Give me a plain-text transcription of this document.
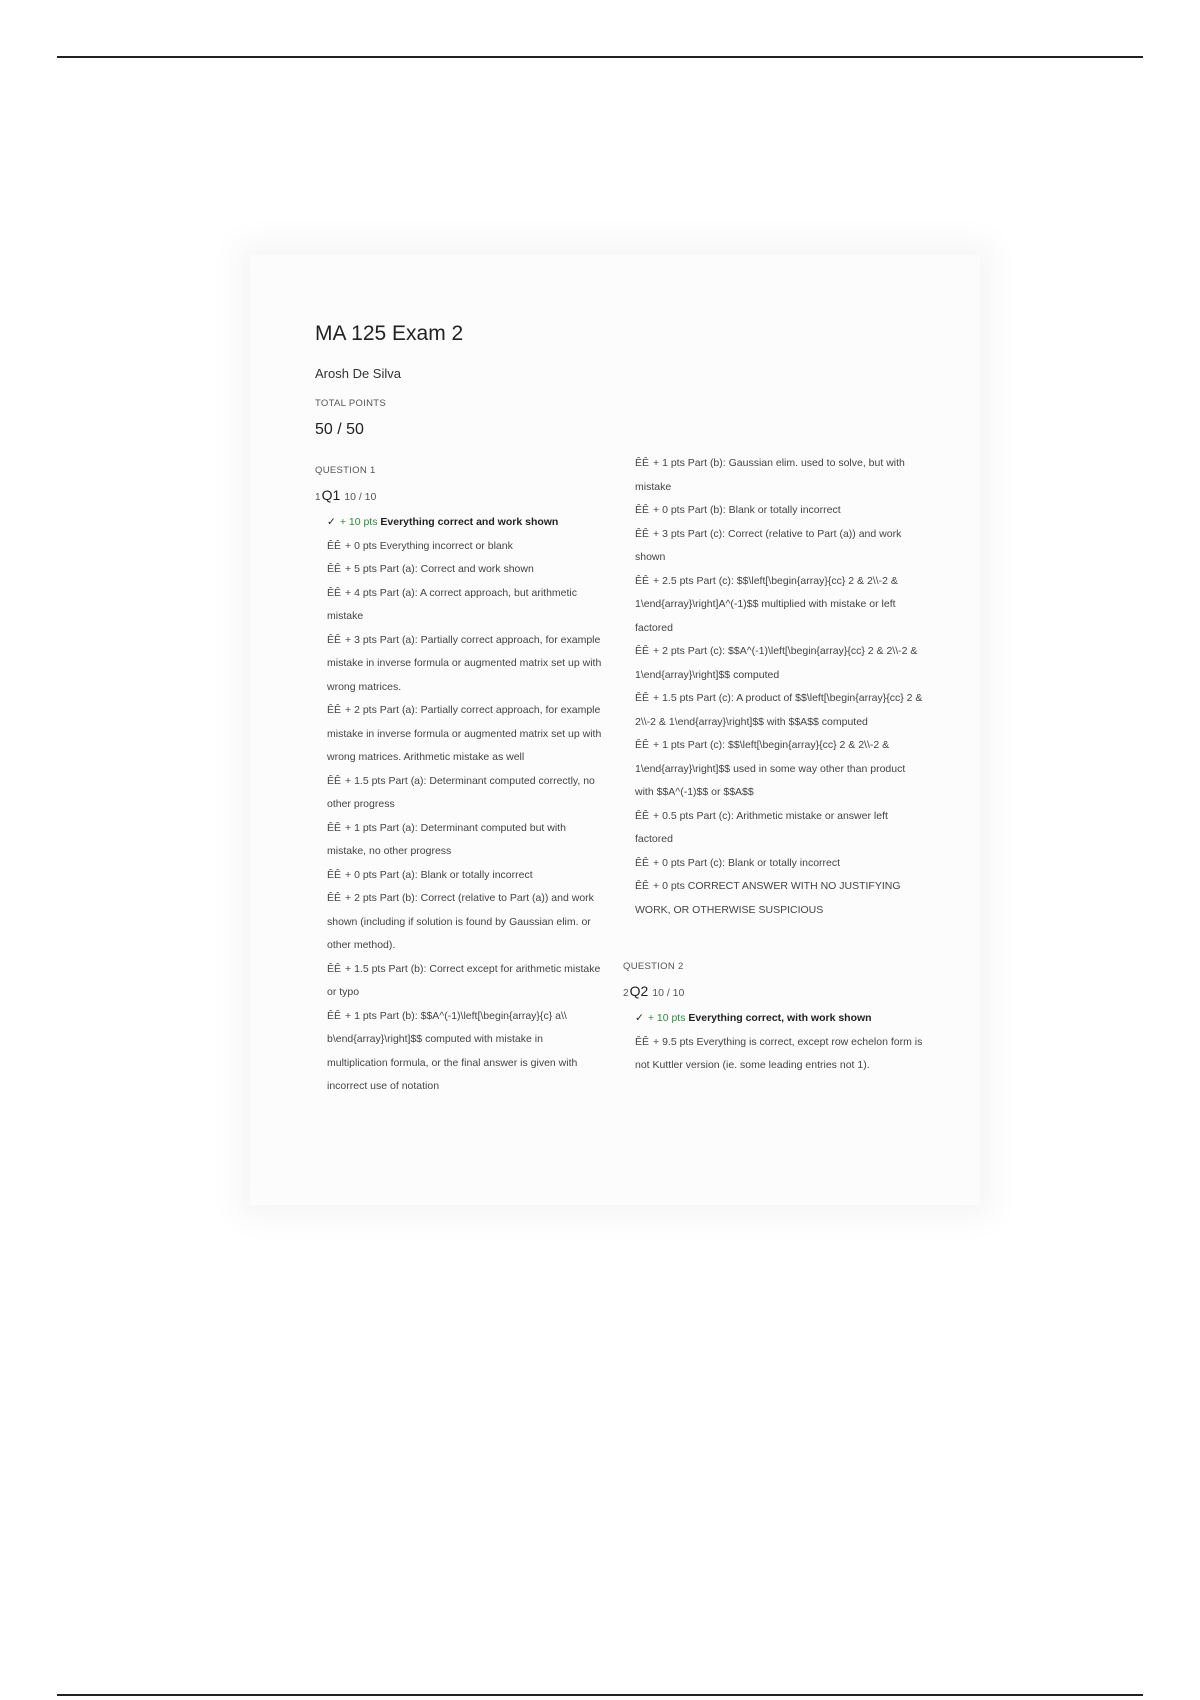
MA 125 Exam 2
Arosh De Silva
TOTAL POINTS
50 / 50
QUESTION 1
1Q1 10 / 10
✓ + 10 pts Everything correct and work shown
ÊÊ + 0 pts Everything incorrect or blank
ÊÊ + 5 pts Part (a): Correct and work shown
ÊÊ + 4 pts Part (a): A correct approach, but arithmetic mistake
ÊÊ + 3 pts Part (a): Partially correct approach, for example mistake in inverse formula or augmented matrix set up with wrong matrices.
ÊÊ + 2 pts Part (a): Partially correct approach, for example mistake in inverse formula or augmented matrix set up with wrong matrices. Arithmetic mistake as well
ÊÊ + 1.5 pts Part (a): Determinant computed correctly, no other progress
ÊÊ + 1 pts Part (a): Determinant computed but with mistake, no other progress
ÊÊ + 0 pts Part (a): Blank or totally incorrect
ÊÊ + 2 pts Part (b): Correct (relative to Part (a)) and work shown (including if solution is found by Gaussian elim. or other method).
ÊÊ + 1.5 pts Part (b): Correct except for arithmetic mistake or typo
ÊÊ + 1 pts Part (b): $$A^(-1)\left[\begin{array}{c} a\\ b\end{array}\right]$$ computed with mistake in multiplication formula, or the final answer is given with incorrect use of notation
ÊÊ + 1 pts Part (b): Gaussian elim. used to solve, but with mistake
ÊÊ + 0 pts Part (b): Blank or totally incorrect
ÊÊ + 3 pts Part (c): Correct (relative to Part (a)) and work shown
ÊÊ + 2.5 pts Part (c): $$\left[\begin{array}{cc} 2 & 2\\-2 & 1\end{array}\right]A^(-1)$$ multiplied with mistake or left factored
ÊÊ + 2 pts Part (c): $$A^(-1)\left[\begin{array}{cc} 2 & 2\\-2 & 1\end{array}\right]$$ computed
ÊÊ + 1.5 pts Part (c): A product of $$\left[\begin{array}{cc} 2 & 2\\-2 & 1\end{array}\right]$$ with $$A$$ computed
ÊÊ + 1 pts Part (c): $$\left[\begin{array}{cc} 2 & 2\\-2 & 1\end{array}\right]$$ used in some way other than product with $$A^(-1)$$ or $$A$$
ÊÊ + 0.5 pts Part (c): Arithmetic mistake or answer left factored
ÊÊ + 0 pts Part (c): Blank or totally incorrect
ÊÊ + 0 pts CORRECT ANSWER WITH NO JUSTIFYING WORK, OR OTHERWISE SUSPICIOUS
QUESTION 2
2Q2 10 / 10
✓ + 10 pts Everything correct, with work shown
ÊÊ + 9.5 pts Everything is correct, except row echelon form is not Kuttler version (ie. some leading entries not 1).
